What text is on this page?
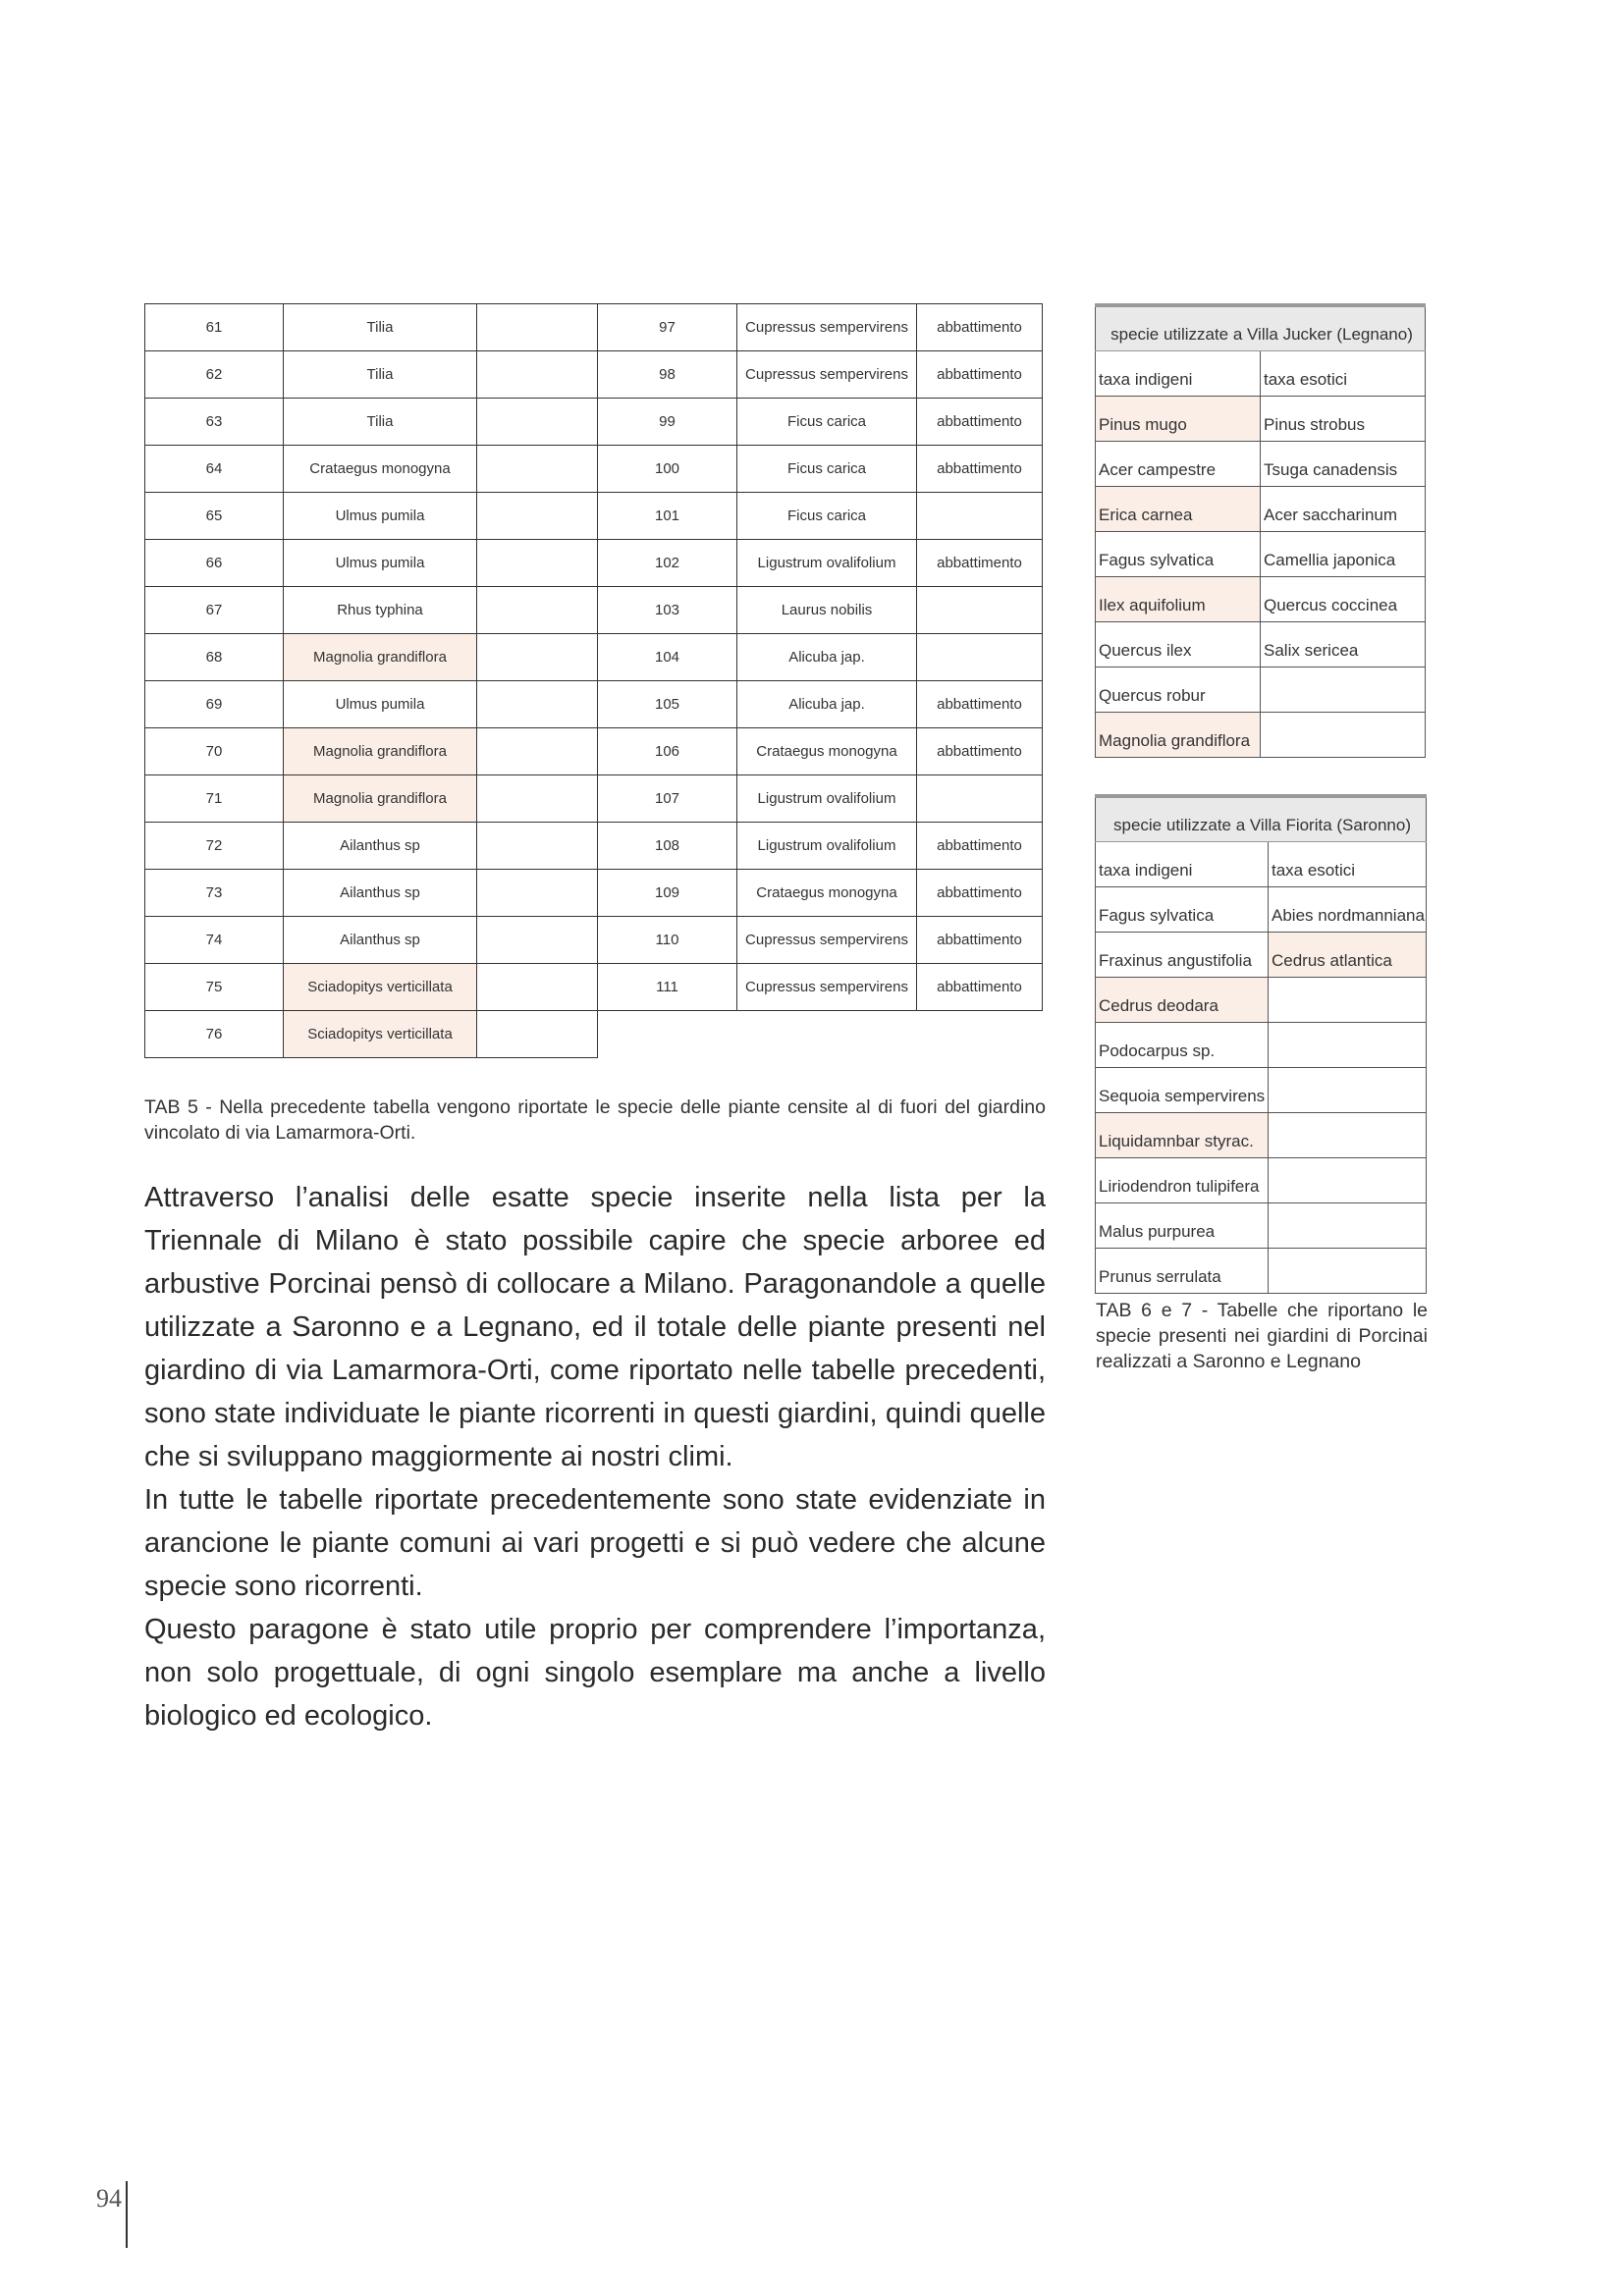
61	Tilia		97	Cupressus sempervirens	abbattimento
62	Tilia		98	Cupressus sempervirens	abbattimento
63	Tilia		99	Ficus carica	abbattimento
64	Crataegus monogyna		100	Ficus carica	abbattimento
65	Ulmus pumila		101	Ficus carica	
66	Ulmus pumila		102	Ligustrum ovalifolium	abbattimento
67	Rhus typhina		103	Laurus nobilis	
68	Magnolia grandiflora		104	Alicuba jap.	
69	Ulmus pumila		105	Alicuba jap.	abbattimento
70	Magnolia grandiflora		106	Crataegus monogyna	abbattimento
71	Magnolia grandiflora		107	Ligustrum ovalifolium	
72	Ailanthus sp		108	Ligustrum ovalifolium	abbattimento
73	Ailanthus sp		109	Crataegus monogyna	abbattimento
74	Ailanthus sp		110	Cupressus sempervirens	abbattimento
75	Sciadopitys verticillata		111	Cupressus sempervirens	abbattimento
76	Sciadopitys verticillata				
TAB 5 - Nella precedente tabella vengono riportate le specie delle piante censite al di fuori del giardino vincolato di via Lamarmora-Orti.
specie utilizzate a Villa Jucker (Legnano)	
taxa indigeni	taxa esotici
Pinus mugo	Pinus strobus
Acer campestre	Tsuga canadensis
Erica carnea	Acer saccharinum
Fagus sylvatica	Camellia japonica
Ilex aquifolium	Quercus coccinea
Quercus ilex	Salix sericea
Quercus robur	
Magnolia grandiflora	
specie utilizzate a Villa Fiorita (Saronno)	
taxa indigeni	taxa esotici
Fagus sylvatica	Abies nordmanniana
Fraxinus angustifolia	Cedrus atlantica
Cedrus deodara	
Podocarpus sp.	
Sequoia sempervirens	
Liquidamnbar styrac.	
Liriodendron tulipifera	
Malus purpurea	
Prunus serrulata	
TAB 6 e 7 - Tabelle che riportano le specie presenti nei giardini di Porcinai realizzati a Saronno e Legnano

Attraverso l’analisi delle esatte specie inserite nella lista per la Triennale di Milano è stato possibile capire che specie arboree ed arbustive Porcinai pensò di collocare a Milano. Paragonandole a quelle utilizzate a Saronno e a Legnano, ed il totale delle piante presenti nel giardino di via Lamarmora-Orti, come riportato nelle tabelle precedenti, sono state individuate le piante ricorrenti in questi giardini, quindi quelle che si sviluppano maggiormente ai nostri climi.

In tutte le tabelle riportate precedentemente sono state evidenziate in arancione le piante comuni ai vari progetti e si può vedere che alcune specie sono ricorrenti.

Questo paragone è stato utile proprio per comprendere l’importanza, non solo progettuale, di ogni singolo esemplare ma anche a livello biologico ed ecologico.

94
